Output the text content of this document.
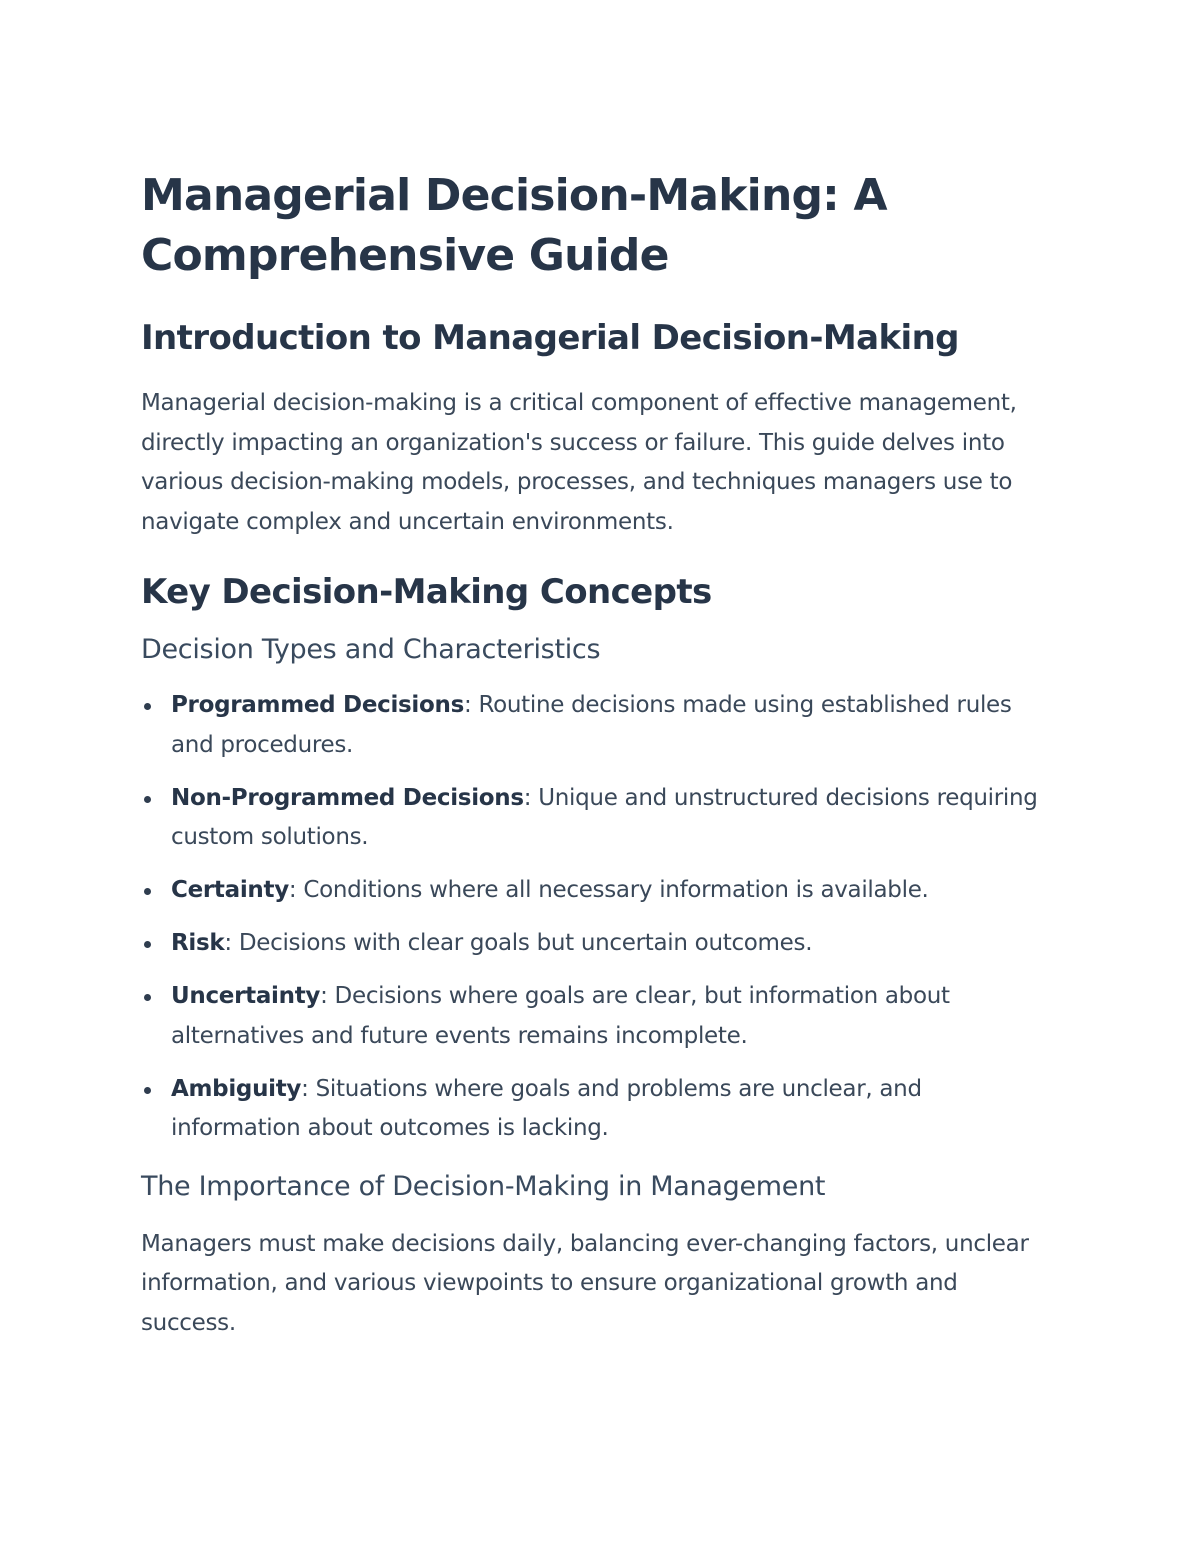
Managerial Decision-Making: A Comprehensive Guide
Introduction to Managerial Decision-Making

Managerial decision-making is a critical component of effective management, directly impacting an organization's success or failure. This guide delves into various decision-making models, processes, and techniques managers use to navigate complex and uncertain environments.

Key Decision-Making Concepts
Decision Types and Characteristics
Programmed Decisions: Routine decisions made using established rules and procedures.
Non-Programmed Decisions: Unique and unstructured decisions requiring custom solutions.
Certainty: Conditions where all necessary information is available.
Risk: Decisions with clear goals but uncertain outcomes.
Uncertainty: Decisions where goals are clear, but information about alternatives and future events remains incomplete.
Ambiguity: Situations where goals and problems are unclear, and information about outcomes is lacking.
The Importance of Decision-Making in Management

Managers must make decisions daily, balancing ever-changing factors, unclear information, and various viewpoints to ensure organizational growth and success.
